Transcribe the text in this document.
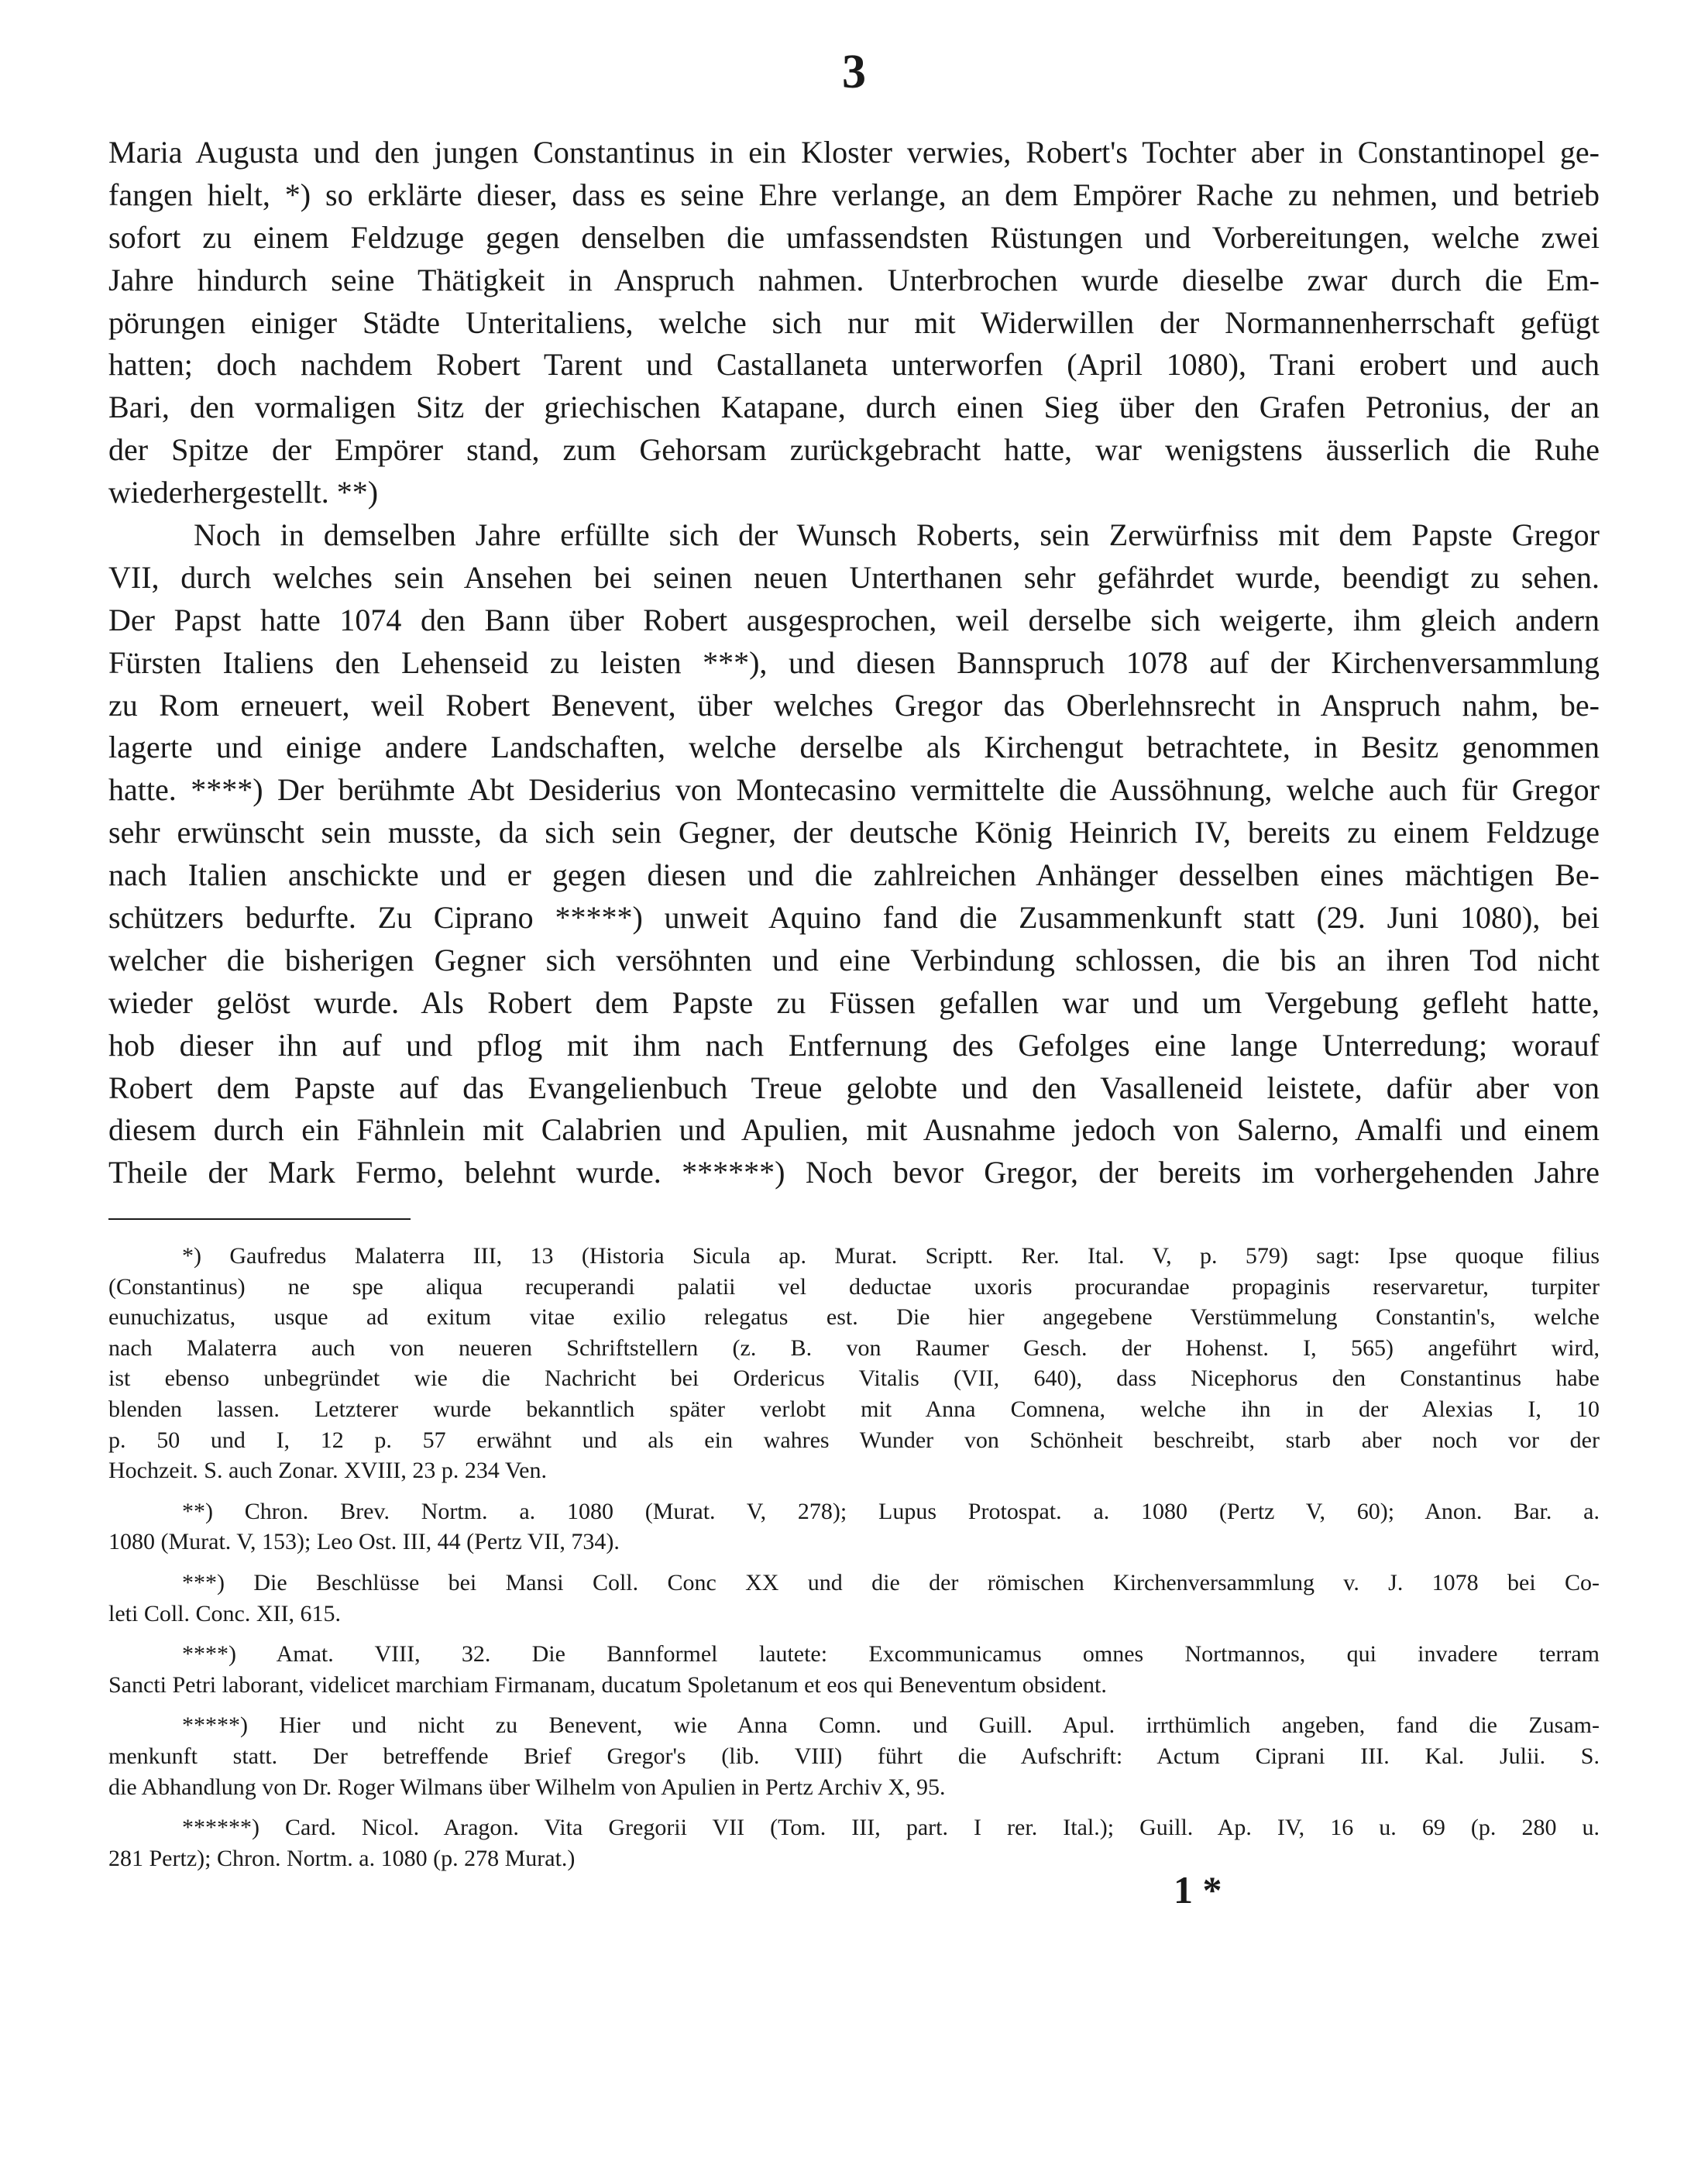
3
Maria Augusta und den jungen Constantinus in ein Kloster verwies, Robert's Tochter aber in Constantinopel ge-
fangen hielt, *) so erklärte dieser, dass es seine Ehre verlange, an dem Empörer Rache zu nehmen, und betrieb
sofort zu einem Feldzuge gegen denselben die umfassendsten Rüstungen und Vorbereitungen, welche zwei
Jahre hindurch seine Thätigkeit in Anspruch nahmen. Unterbrochen wurde dieselbe zwar durch die Em-
pörungen einiger Städte Unteritaliens, welche sich nur mit Widerwillen der Normannenherrschaft gefügt
hatten; doch nachdem Robert Tarent und Castallaneta unterworfen (April 1080), Trani erobert und auch
Bari, den vormaligen Sitz der griechischen Katapane, durch einen Sieg über den Grafen Petronius, der an
der Spitze der Empörer stand, zum Gehorsam zurückgebracht hatte, war wenigstens äusserlich die Ruhe
wiederhergestellt. **)
Noch in demselben Jahre erfüllte sich der Wunsch Roberts, sein Zerwürfniss mit dem Papste Gregor
VII, durch welches sein Ansehen bei seinen neuen Unterthanen sehr gefährdet wurde, beendigt zu sehen.
Der Papst hatte 1074 den Bann über Robert ausgesprochen, weil derselbe sich weigerte, ihm gleich andern
Fürsten Italiens den Lehenseid zu leisten ***), und diesen Bannspruch 1078 auf der Kirchenversammlung
zu Rom erneuert, weil Robert Benevent, über welches Gregor das Oberlehnsrecht in Anspruch nahm, be-
lagerte und einige andere Landschaften, welche derselbe als Kirchengut betrachtete, in Besitz genommen
hatte. ****) Der berühmte Abt Desiderius von Montecasino vermittelte die Aussöhnung, welche auch für Gregor
sehr erwünscht sein musste, da sich sein Gegner, der deutsche König Heinrich IV, bereits zu einem Feldzuge
nach Italien anschickte und er gegen diesen und die zahlreichen Anhänger desselben eines mächtigen Be-
schützers bedurfte. Zu Ciprano *****) unweit Aquino fand die Zusammenkunft statt (29. Juni 1080), bei
welcher die bisherigen Gegner sich versöhnten und eine Verbindung schlossen, die bis an ihren Tod nicht
wieder gelöst wurde. Als Robert dem Papste zu Füssen gefallen war und um Vergebung gefleht hatte,
hob dieser ihn auf und pflog mit ihm nach Entfernung des Gefolges eine lange Unterredung; worauf
Robert dem Papste auf das Evangelienbuch Treue gelobte und den Vasalleneid leistete, dafür aber von
diesem durch ein Fähnlein mit Calabrien und Apulien, mit Ausnahme jedoch von Salerno, Amalfi und einem
Theile der Mark Fermo, belehnt wurde. ******) Noch bevor Gregor, der bereits im vorhergehenden Jahre
*) Gaufredus Malaterra III, 13 (Historia Sicula ap. Murat. Scriptt. Rer. Ital. V, p. 579) sagt: Ipse quoque filius
(Constantinus) ne spe aliqua recuperandi palatii vel deductae uxoris procurandae propaginis reservaretur, turpiter
eunuchizatus, usque ad exitum vitae exilio relegatus est. Die hier angegebene Verstümmelung Constantin's, welche
nach Malaterra auch von neueren Schriftstellern (z. B. von Raumer Gesch. der Hohenst. I, 565) angeführt wird,
ist ebenso unbegründet wie die Nachricht bei Ordericus Vitalis (VII, 640), dass Nicephorus den Constantinus habe
blenden lassen. Letzterer wurde bekanntlich später verlobt mit Anna Comnena, welche ihn in der Alexias I, 10
p. 50 und I, 12 p. 57 erwähnt und als ein wahres Wunder von Schönheit beschreibt, starb aber noch vor der
Hochzeit. S. auch Zonar. XVIII, 23 p. 234 Ven.
**) Chron. Brev. Nortm. a. 1080 (Murat. V, 278); Lupus Protospat. a. 1080 (Pertz V, 60); Anon. Bar. a.
1080 (Murat. V, 153); Leo Ost. III, 44 (Pertz VII, 734).
***) Die Beschlüsse bei Mansi Coll. Conc XX und die der römischen Kirchenversammlung v. J. 1078 bei Co-
leti Coll. Conc. XII, 615.
****) Amat. VIII, 32. Die Bannformel lautete: Excommunicamus omnes Nortmannos, qui invadere terram
Sancti Petri laborant, videlicet marchiam Firmanam, ducatum Spoletanum et eos qui Beneventum obsident.
*****) Hier und nicht zu Benevent, wie Anna Comn. und Guill. Apul. irrthümlich angeben, fand die Zusam-
menkunft statt. Der betreffende Brief Gregor's (lib. VIII) führt die Aufschrift: Actum Ciprani III. Kal. Julii. S.
die Abhandlung von Dr. Roger Wilmans über Wilhelm von Apulien in Pertz Archiv X, 95.
******) Card. Nicol. Aragon. Vita Gregorii VII (Tom. III, part. I rer. Ital.); Guill. Ap. IV, 16 u. 69 (p. 280 u.
281 Pertz); Chron. Nortm. a. 1080 (p. 278 Murat.)
1 *
